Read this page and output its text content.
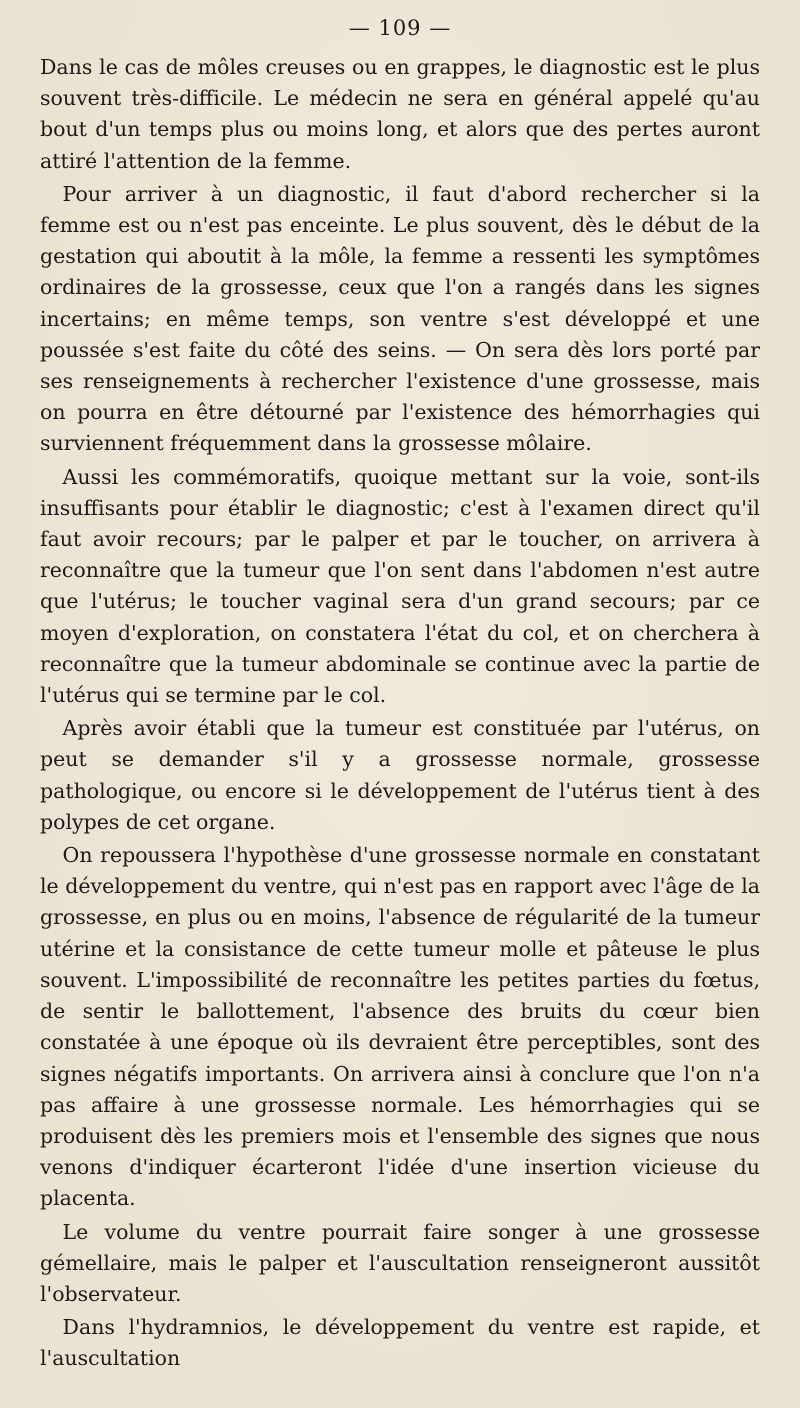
— 109 —

Dans le cas de môles creuses ou en grappes, le diagnostic est le plus souvent très-difficile. Le médecin ne sera en général appelé qu'au bout d'un temps plus ou moins long, et alors que des pertes auront attiré l'attention de la femme.

Pour arriver à un diagnostic, il faut d'abord rechercher si la femme est ou n'est pas enceinte. Le plus souvent, dès le début de la gestation qui aboutit à la môle, la femme a ressenti les symptômes ordinaires de la grossesse, ceux que l'on a rangés dans les signes incertains; en même temps, son ventre s'est développé et une poussée s'est faite du côté des seins. — On sera dès lors porté par ses renseignements à rechercher l'existence d'une grossesse, mais on pourra en être détourné par l'existence des hémorrhagies qui surviennent fréquemment dans la grossesse môlaire.

Aussi les commémoratifs, quoique mettant sur la voie, sont-ils insuffisants pour établir le diagnostic; c'est à l'examen direct qu'il faut avoir recours; par le palper et par le toucher, on arrivera à reconnaître que la tumeur que l'on sent dans l'abdomen n'est autre que l'utérus; le toucher vaginal sera d'un grand secours; par ce moyen d'exploration, on constatera l'état du col, et on cherchera à reconnaître que la tumeur abdominale se continue avec la partie de l'utérus qui se termine par le col.

Après avoir établi que la tumeur est constituée par l'utérus, on peut se demander s'il y a grossesse normale, grossesse pathologique, ou encore si le développement de l'utérus tient à des polypes de cet organe.

On repoussera l'hypothèse d'une grossesse normale en constatant le développement du ventre, qui n'est pas en rapport avec l'âge de la grossesse, en plus ou en moins, l'absence de régularité de la tumeur utérine et la consistance de cette tumeur molle et pâteuse le plus souvent. L'impossibilité de reconnaître les petites parties du fœtus, de sentir le ballottement, l'absence des bruits du cœur bien constatée à une époque où ils devraient être perceptibles, sont des signes négatifs importants. On arrivera ainsi à conclure que l'on n'a pas affaire à une grossesse normale. Les hémorrhagies qui se produisent dès les premiers mois et l'ensemble des signes que nous venons d'indiquer écarteront l'idée d'une insertion vicieuse du placenta.

Le volume du ventre pourrait faire songer à une grossesse gémellaire, mais le palper et l'auscultation renseigneront aussitôt l'observateur.

Dans l'hydramnios, le développement du ventre est rapide, et l'auscultation
